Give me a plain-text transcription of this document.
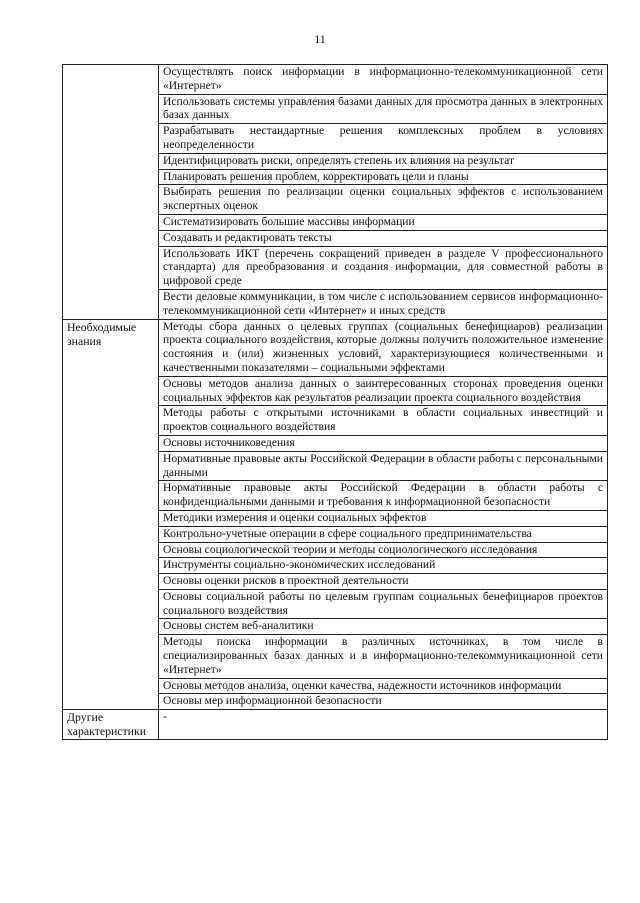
11
	Осуществлять поиск информации в информационно-телекоммуникационной сети «Интернет»
	Использовать системы управления базами данных для просмотра данных в электронных базах данных
	Разрабатывать нестандартные решения комплексных проблем в условиях неопределенности
	Идентифицировать риски, определять степень их влияния на результат
	Планировать решения проблем, корректировать цели и планы
	Выбирать решения по реализации оценки социальных эффектов с использованием экспертных оценок
	Систематизировать большие массивы информации
	Создавать и редактировать тексты
	Использовать ИКТ (перечень сокращений приведен в разделе V профессионального стандарта) для преобразования и создания информации, для совместной работы в цифровой среде
	Вести деловые коммуникации, в том числе с использованием сервисов информационно-телекоммуникационной сети «Интернет» и иных средств
Необходимые знания	Методы сбора данных о целевых группах (социальных бенефициаров) реализации проекта социального воздействия, которые должны получить положительное изменение состояния и (или) жизненных условий, характеризующиеся количественными и качественными показателями – социальными эффектами
	Основы методов анализа данных о заинтересованных сторонах проведения оценки социальных эффектов как результатов реализации проекта социального воздействия
	Методы работы с открытыми источниками в области социальных инвестиций и проектов социального воздействия
	Основы источниковедения
	Нормативные правовые акты Российской Федерации в области работы с персональными данными
	Нормативные правовые акты Российской Федерации в области работы с конфиденциальными данными и требования к информационной безопасности
	Методики измерения и оценки социальных эффектов
	Контрольно-учетные операции в сфере социального предпринимательства
	Основы социологической теории и методы социологического исследования
	Инструменты социально-экономических исследований
	Основы оценки рисков в проектной деятельности
	Основы социальной работы по целевым группам социальных бенефициаров проектов социального воздействия
	Основы систем веб-аналитики
	Методы поиска информации в различных источниках, в том числе в специализированных базах данных и в информационно-телекоммуникационной сети «Интернет»
	Основы методов анализа, оценки качества, надежности источников информации
	Основы мер информационной безопасности
Другие характеристики	-
